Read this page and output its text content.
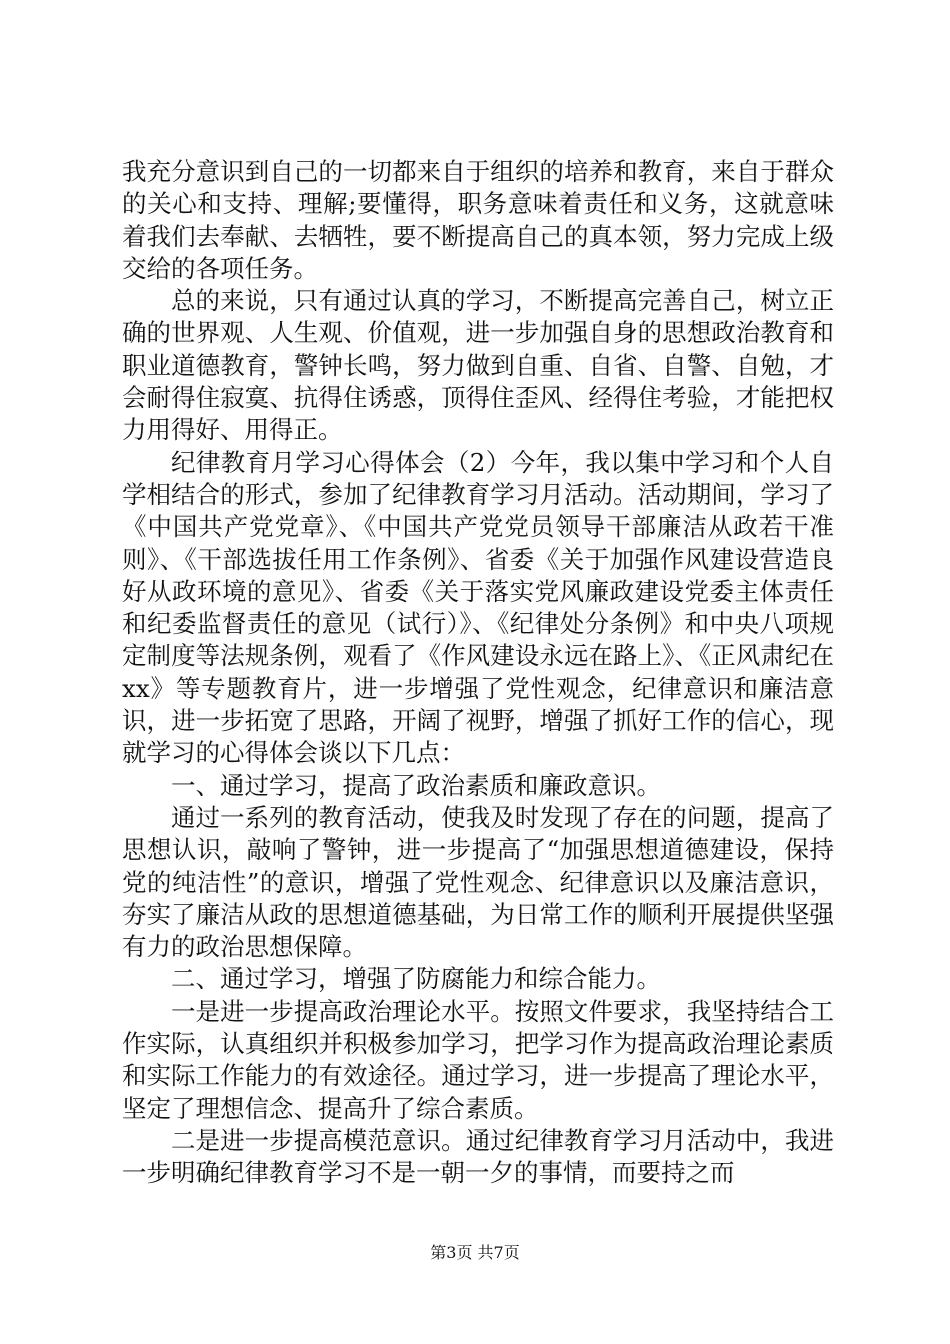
我充分意识到自己的一切都来自于组织的培养和教育，来自于群众的关心和支持、理解;要懂得，职务意味着责任和义务，这就意味着我们去奉献、去牺牲，要不断提高自己的真本领，努力完成上级交给的各项任务。

总的来说，只有通过认真的学习，不断提高完善自己，树立正确的世界观、人生观、价值观，进一步加强自身的思想政治教育和职业道德教育，警钟长鸣，努力做到自重、自省、自警、自勉，才会耐得住寂寞、抗得住诱惑，顶得住歪风、经得住考验，才能把权力用得好、用得正。

纪律教育月学习心得体会（2）今年，我以集中学习和个人自学相结合的形式，参加了纪律教育学习月活动。活动期间，学习了《中国共产党党章》、《中国共产党党员领导干部廉洁从政若干准则》、《干部选拔任用工作条例》、省委《关于加强作风建设营造良好从政环境的意见》、省委《关于落实党风廉政建设党委主体责任和纪委监督责任的意见（试行）》、《纪律处分条例》和中央八项规定制度等法规条例，观看了《作风建设永远在路上》、《正风肃纪在xx》等专题教育片，进一步增强了党性观念，纪律意识和廉洁意识，进一步拓宽了思路，开阔了视野，增强了抓好工作的信心，现就学习的心得体会谈以下几点：

一、通过学习，提高了政治素质和廉政意识。

通过一系列的教育活动，使我及时发现了存在的问题，提高了思想认识，敲响了警钟，进一步提高了“加强思想道德建设，保持党的纯洁性”的意识，增强了党性观念、纪律意识以及廉洁意识，夯实了廉洁从政的思想道德基础，为日常工作的顺利开展提供坚强有力的政治思想保障。

二、通过学习，增强了防腐能力和综合能力。

一是进一步提高政治理论水平。按照文件要求，我坚持结合工作实际，认真组织并积极参加学习，把学习作为提高政治理论素质和实际工作能力的有效途径。通过学习，进一步提高了理论水平，坚定了理想信念、提高升了综合素质。

二是进一步提高模范意识。通过纪律教育学习月活动中，我进一步明确纪律教育学习不是一朝一夕的事情，而要持之而

第3页 共7页
